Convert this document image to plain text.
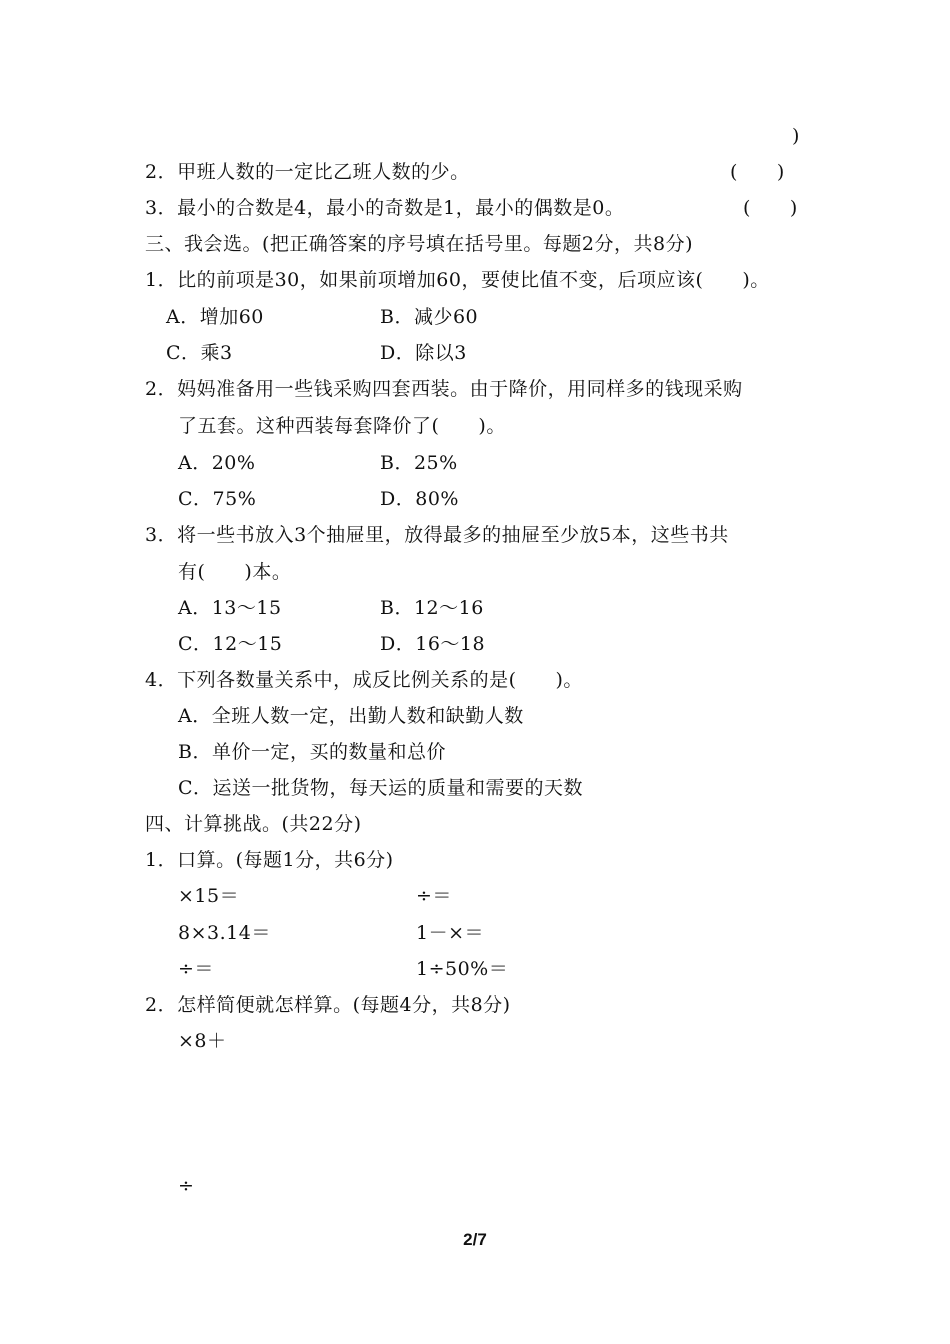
)
2．甲班人数的一定比乙班人数的少。	(　　)
3．最小的合数是4，最小的奇数是1，最小的偶数是0。	(　　)
三、我会选。(把正确答案的序号填在括号里。每题2分，共8分)
1．比的前项是30，如果前项增加60，要使比值不变，后项应该(　　)。
A．增加60	B．减少60
C．乘3	D．除以3
2．妈妈准备用一些钱采购四套西装。由于降价，用同样多的钱现采购
了五套。这种西装每套降价了(　　)。
A．20%	B．25%
C．75%	D．80%
3．将一些书放入3个抽屉里，放得最多的抽屉至少放5本，这些书共
有(　　)本。
A．13～15	B．12～16
C．12～15	D．16～18
4．下列各数量关系中，成反比例关系的是(　　)。
A．全班人数一定，出勤人数和缺勤人数
B．单价一定，买的数量和总价
C．运送一批货物，每天运的质量和需要的天数
四、计算挑战。(共22分)
1．口算。(每题1分，共6分)
×15＝	÷＝
8×3.14＝	1－×＝
÷＝	1÷50%＝
2．怎样简便就怎样算。(每题4分，共8分)
×8＋
÷
2/7
